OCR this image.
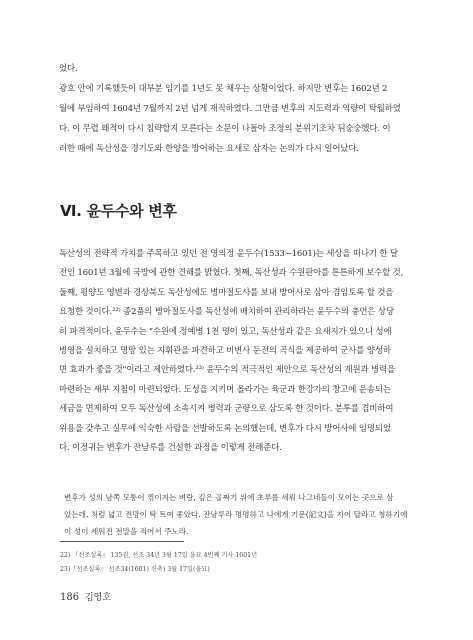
었다.
광호 안에 기록했듯이 대부분 임기를 1년도 못 채우는 상황이었다. 하지만 변후는 1602년 2
월에 부임하여 1604년 7월까지 2년 넘게 재직하였다. 그만큼 변후의 지도력과 역량이 탁월하였
다. 이 무렵 왜적이 다시 침략할지 모른다는 소문이 나돌아 조정의 분위기조차 뒤숭숭했다. 이
러한 때에 독산성을 경기도와 한양을 방어하는 요새로 삼자는 논의가 다시 일어났다.

Ⅵ. 윤두수와 변후

독산성의 전략적 가치를 주목하고 있던 전 영의정 윤두수(1533~1601)는 세상을 떠나기 한 달
전인 1601년 3월에 국방에 관한 견해를 밝혔다. 첫째, 독산성과 수원판아를 튼튼하게 보수할 것,
둘째, 평양도 영변과 경상북도 독산성에도 병마절도사를 보내 방어사로 삼아 겸임토록 할 것을
요청한 것이다.²²⁾ 종2품의 병마절도사를 독산성에 배치하여 관리하라는 윤두수의 충언은 상당
히 파격적이다. 윤두수는 "수원에 정예병 1천 명이 있고, 독산성과 같은 요새지가 있으니 성에
병영을 설치하고 명망 있는 지휘관을 파견하고 비변사 둔전의 곡식을 제공하여 군사를 양성하
면 효과가 좋을 것"이라고 제안하였다.²³⁾ 윤두수의 적극적인 제안으로 독산성의 재원과 병력을
마련하는 새부 지침이 마련되었다. 도성을 지키며 올라가는 육군과 한강가의 창고에 운송되는
세금을 면제하여 모두 독산성에 소속시켜 병력과 군량으로 삼도록 한 것이다. 분투를 겸비하여
위용을 갖추고 실무에 익숙한 사람을 선발하도록 논의했는데, 변후가 다시 방어사에 임명되었
다. 이정귀는 변후가 잔남루를 건설한 과정을 이렇게 전해준다.

변후가 성의 남쪽 모퉁이 꺾이지는 벼랑, 깊은 골짜기 위에 초루를 세워 나그네들이 모이는 곳으로 삼
았는데, 처럼 넓고 전망이 탁 트여 좋았다. 잔남루라 명명하고 나에게 기문(記文)을 지어 달라고 청하기에
이 성이 세워진 전말을 적어서 주노라.

22) 『선조실록』 135권, 선조 34년 3월 17일 을묘 4번째 기사 1601년

23)『선조실록』 선조34(1601) 신축) 3월 17일(을묘)

186 김영호
